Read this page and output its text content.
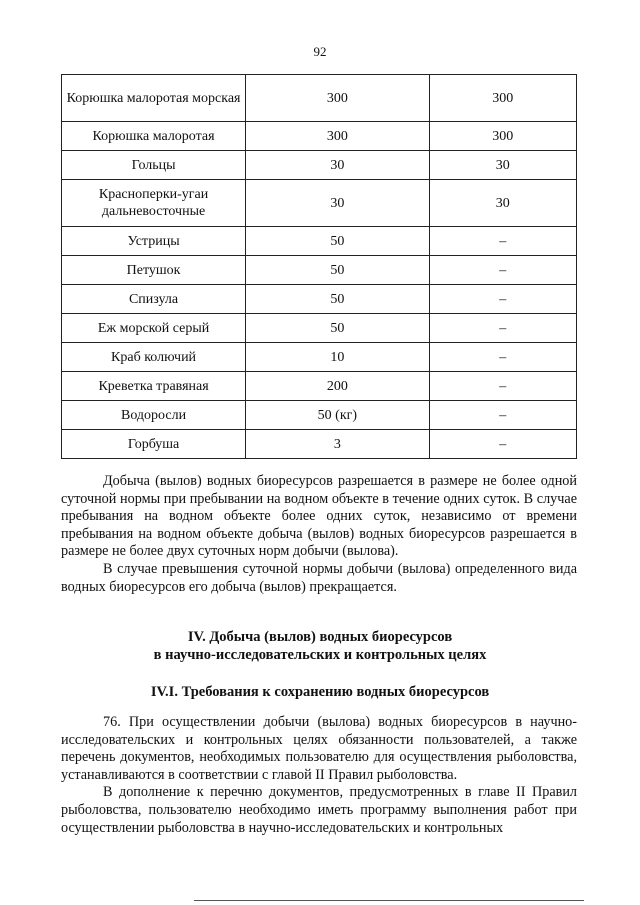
92
Корюшка малоротая морская	300	300
Корюшка малоротая	300	300
Гольцы	30	30
Красноперки-угаи дальневосточные	30	30
Устрицы	50	–
Петушок	50	–
Спизула	50	–
Еж морской серый	50	–
Краб колючий	10	–
Креветка травяная	200	–
Водоросли	50 (кг)	–
Горбуша	3	–

Добыча (вылов) водных биоресурсов разрешается в размере не более одной суточной нормы при пребывании на водном объекте в течение одних суток. В случае пребывания на водном объекте более одних суток, независимо от времени пребывания на водном объекте добыча (вылов) водных биоресурсов разрешается в размере не более двух суточных норм добычи (вылова).

В случае превышения суточной нормы добычи (вылова) определенного вида водных биоресурсов его добыча (вылов) прекращается.

IV. Добыча (вылов) водных биоресурсов
в научно-исследовательских и контрольных целях
IV.I. Требования к сохранению водных биоресурсов

76. При осуществлении добычи (вылова) водных биоресурсов в научно-исследовательских и контрольных целях обязанности пользователей, а также перечень документов, необходимых пользователю для осуществления рыболовства, устанавливаются в соответствии с главой II Правил рыболовства.

В дополнение к перечню документов, предусмотренных в главе II Правил рыболовства, пользователю необходимо иметь программу выполнения работ при осуществлении рыболовства в научно-исследовательских и контрольных
